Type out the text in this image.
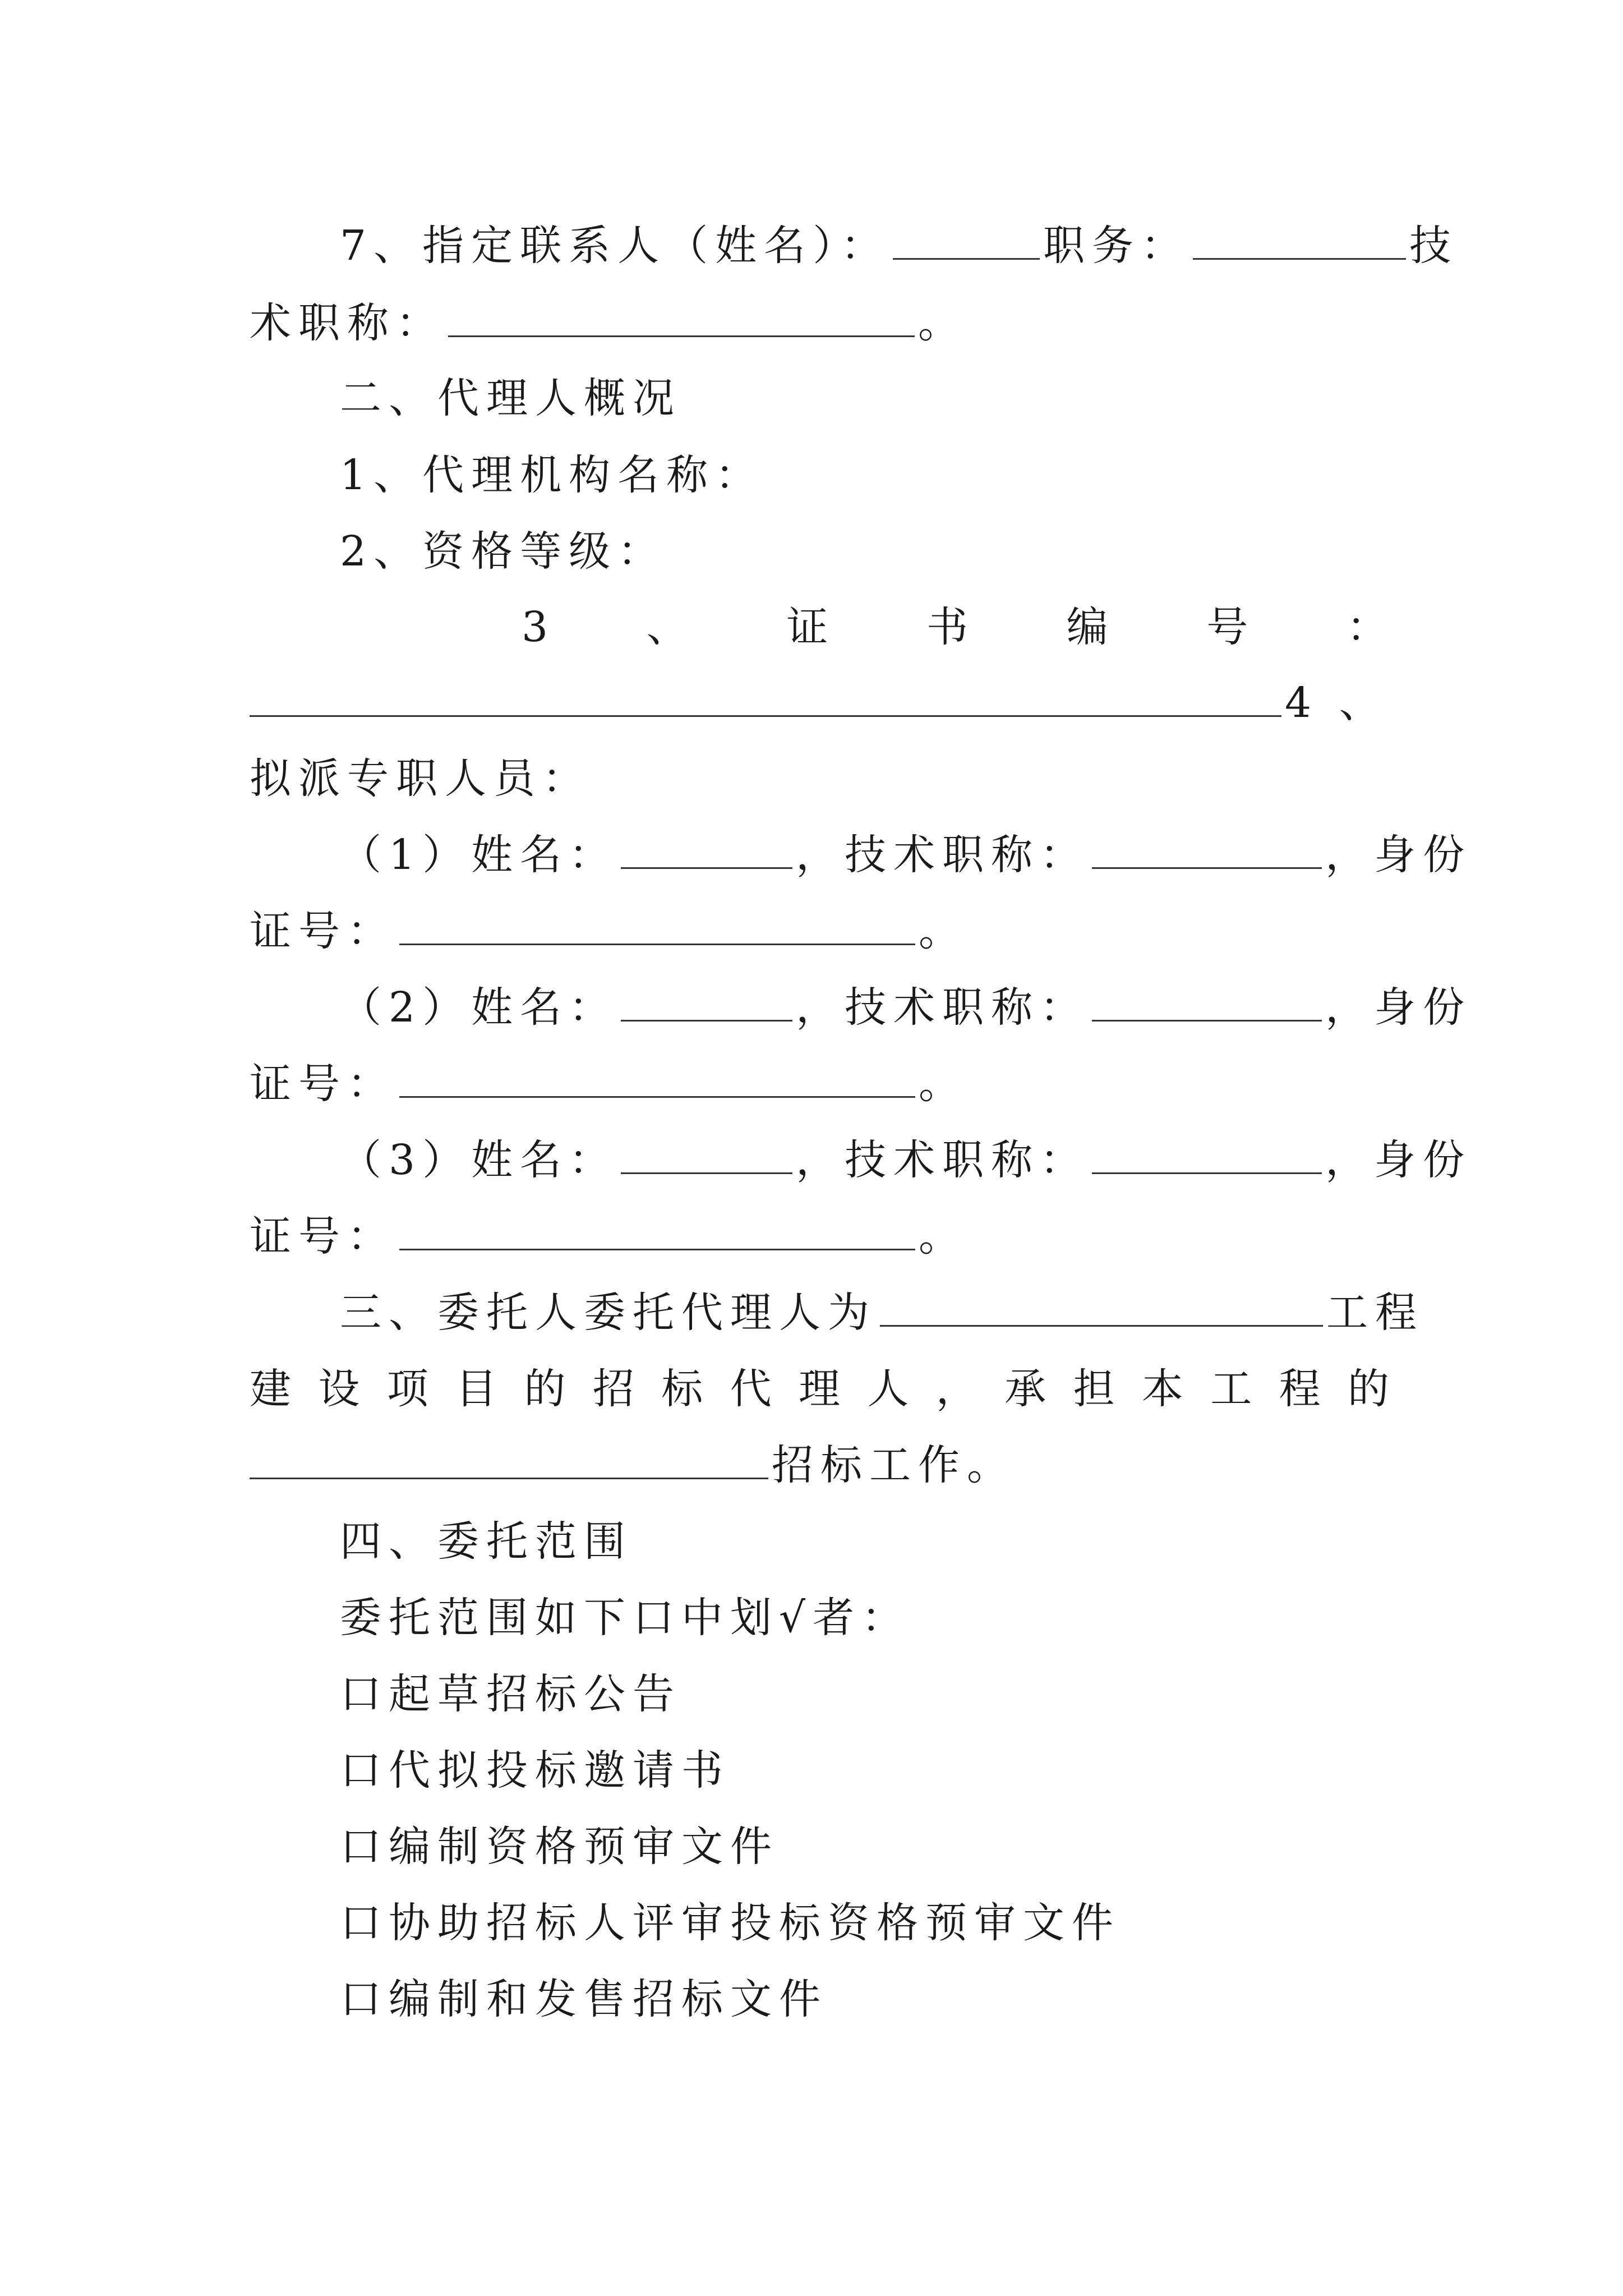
7、指定联系人（姓名）：	职务：	技
术职称：	。
二、代理人概况
1、代理机构名称：
2、资格等级：
3 、 证 书 编 号 ：
4 、
拟派专职人员：
（1）姓名：	，技术职称：	，身份
证号：	。
（2）姓名：	，技术职称：	，身份
证号：	。
（3）姓名：	，技术职称：	，身份
证号：	。
三、委托人委托代理人为	工程
建 设 项 目 的 招 标 代 理 人 ， 承 担 本 工 程 的
招标工作。
四、委托范围
委托范围如下口中划√者：
口起草招标公告
口代拟投标邀请书
口编制资格预审文件
口协助招标人评审投标资格预审文件
口编制和发售招标文件
